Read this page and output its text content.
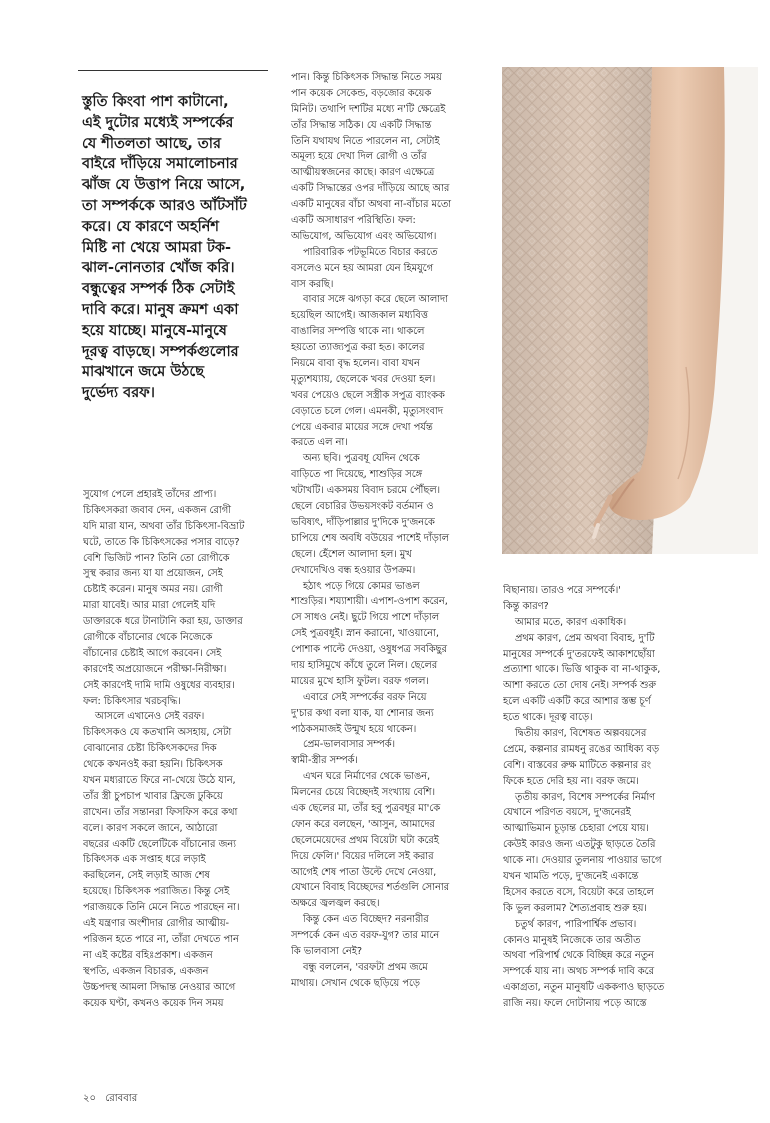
স্তুতি কিংবা পাশ কাটানো,
এই দুটোর মধ্যেই সম্পর্কের
যে শীতলতা আছে, তার
বাইরে দাঁড়িয়ে সমালোচনার
ঝাঁজ যে উত্তাপ নিয়ে আসে,
তা সম্পর্ককে আরও আঁটসাঁট
করে। যে কারণে অহর্নিশ
মিষ্টি না খেয়ে আমরা টক-
ঝাল-নোনতার খোঁজ করি।
বন্ধুত্বের সম্পর্ক ঠিক সেটাই
দাবি করে। মানুষ ক্রমশ একা
হয়ে যাচ্ছে। মানুষে-মানুষে
দূরত্ব বাড়ছে। সম্পর্কগুলোর
মাঝখানে জমে উঠছে
দুর্ভেদ্য বরফ।
সুযোগ পেলে প্রহারই তাঁদের প্রাপ্য।
চিকিৎসকরা জবাব দেন, একজন রোগী
যদি মারা যান, অথবা তাঁর চিকিৎসা-বিভ্রাট
ঘটে, তাতে কি চিকিৎসকের পসার বাড়ে?
বেশি ভিজিট পান? তিনি তো রোগীকে
সুস্থ করার জন্য যা যা প্রয়োজন, সেই
চেষ্টাই করেন। মানুষ অমর নয়। রোগী
মারা যাবেই। আর মারা গেলেই যদি
ডাক্তারকে ধরে টানাটানি করা হয়, ডাক্তার
রোগীকে বাঁচানোর থেকে নিজেকে
বাঁচানোর চেষ্টাই আগে করবেন। সেই
কারণেই অপ্রয়োজনে পরীক্ষা-নিরীক্ষা।
সেই কারণেই দামি দামি ওষুধের ব্যবহার।
ফল: চিকিৎসার খরচবৃদ্ধি।
আসলে এখানেও সেই বরফ।
চিকিৎসকও যে কতখানি অসহায়, সেটা
বোঝানোর চেষ্টা চিকিৎসকদের দিক
থেকে কখনওই করা হয়নি। চিকিৎসক
যখন মধ্যরাতে ফিরে না-খেয়ে উঠে যান,
তাঁর স্ত্রী চুপচাপ খাবার ফ্রিজে ঢুকিয়ে
রাখেন। তাঁর সন্তানরা ফিসফিস করে কথা
বলে। কারণ সকলে জানে, আঠারো
বছরের একটি ছেলেটিকে বাঁচানোর জন্য
চিকিৎসক এক সপ্তাহ ধরে লড়াই
করছিলেন, সেই লড়াই আজ শেষ
হয়েছে। চিকিৎসক পরাজিত। কিন্তু সেই
পরাজয়কে তিনি মেনে নিতে পারছেন না।
এই যন্ত্রণার অংশীদার রোগীর আত্মীয়-
পরিজন হতে পারে না, তাঁরা দেখতে পান
না এই কষ্টের বহিঃপ্রকাশ। একজন
স্থপতি, একজন বিচারক, একজন
উচ্চপদস্থ আমলা সিদ্ধান্ত নেওয়ার আগে
কয়েক ঘণ্টা, কখনও কয়েক দিন সময়
পান। কিন্তু চিকিৎসক সিদ্ধান্ত নিতে সময়
পান কয়েক সেকেন্ড, বড়জোর কয়েক
মিনিট। তথাপি দশটির মধ্যে ন'টি ক্ষেত্রেই
তাঁর সিদ্ধান্ত সঠিক। যে একটি সিদ্ধান্ত
তিনি যথাযথ নিতে পারলেন না, সেটাই
অমূল্য হয়ে দেখা দিল রোগী ও তাঁর
আত্মীয়স্বজনের কাছে। কারণ এক্ষেত্রে
একটি সিদ্ধান্তের ওপর দাঁড়িয়ে আছে আর
একটি মানুষের বাঁচা অথবা না-বাঁচার মতো
একটি অসাধারণ পরিস্থিতি। ফল:
অভিযোগ, অভিযোগ এবং অভিযোগ।
পারিবারিক পটভূমিতে বিচার করতে
বসলেও মনে হয় আমরা যেন হিমযুগে
বাস করছি।
বাবার সঙ্গে ঝগড়া করে ছেলে আলাদা
হয়েছিল আগেই। আজকাল মধ্যবিত্ত
বাঙালির সম্পত্তি থাকে না। থাকলে
হয়তো ত্যাজ্যপুত্র করা হত। কালের
নিয়মে বাবা বৃদ্ধ হলেন। বাবা যখন
মৃত্যুশয্যায়, ছেলেকে খবর দেওয়া হল।
খবর পেয়েও ছেলে সস্ত্রীক সপুত্র ব্যাংকক
বেড়াতে চলে গেল। এমনকী, মৃত্যুসংবাদ
পেয়ে একবার মায়ের সঙ্গে দেখা পর্যন্ত
করতে এল না।
অন্য ছবি। পুত্রবধূ যেদিন থেকে
বাড়িতে পা দিয়েছে, শাশুড়ির সঙ্গে
খটাখটি। একসময় বিবাদ চরমে পৌঁছল।
ছেলে বেচারির উভয়সংকট বর্তমান ও
ভবিষ্যৎ, দাঁড়িপাল্লার দু'দিকে দু'জনকে
চাপিয়ে শেষ অবধি বউয়ের পাশেই দাঁড়াল
ছেলে। হেঁশেল আলাদা হল। মুখ
দেখাদেখিও বন্ধ হওয়ার উপক্রম।
হঠাৎ পড়ে গিয়ে কোমর ভাঙল
শাশুড়ির। শয্যাশায়ী। এপাশ-ওপাশ করেন,
সে সাধও নেই। ছুটে গিয়ে পাশে দাঁড়াল
সেই পুত্রবধূই। স্নান করানো, খাওয়ানো,
পোশাক পাল্টে দেওয়া, ওষুধপত্র সবকিছুর
দায় হাসিমুখে কাঁধে তুলে নিল। ছেলের
মায়ের মুখে হাসি ফুটল। বরফ গলল।
এবারে সেই সম্পর্কের বরফ নিয়ে
দু'চার কথা বলা যাক, যা শোনার জন্য
পাঠকসমাজই উন্মুখ হয়ে থাকেন।
প্রেম-ভালবাসার সম্পর্ক।
স্বামী-স্ত্রীর সম্পর্ক।
এখন ঘরে নির্মাণের থেকে ভাঙন,
মিলনের চেয়ে বিচ্ছেদই সংখ্যায় বেশি।
এক ছেলের মা, তাঁর হবু পুত্রবধূর মা'কে
ফোন করে বলছেন, 'আসুন, আমাদের
ছেলেমেয়েদের প্রথম বিয়েটা ঘটা করেই
দিয়ে ফেলি।' বিয়ের দলিলে সই করার
আগেই শেষ পাতা উল্টে দেখে নেওয়া,
যেখানে বিবাহ বিচ্ছেদের শর্তগুলি সোনার
অক্ষরে জ্বলজ্বল করছে।
কিন্তু কেন এত বিচ্ছেদ? নরনারীর
সম্পর্কে কেন এত বরফ-যুগ? তার মানে
কি ভালবাসা নেই?
বন্ধু বললেন, 'বরফটা প্রথম জমে
মাথায়। সেখান থেকে ছড়িয়ে পড়ে
বিছানায়। তারও পরে সম্পর্কে।'
কিন্তু কারণ?
আমার মতে, কারণ একাধিক।
প্রথম কারণ, প্রেম অথবা বিবাহ, দু'টি
মানুষের সম্পর্কে দু'তরফেই আকাশছোঁয়া
প্রত্যাশা থাকে। ভিত্তি থাকুক বা না-থাকুক,
আশা করতে তো দোষ নেই। সম্পর্ক শুরু
হলে একটি একটি করে আশার স্তম্ভ চূর্ণ
হতে থাকে। দূরত্ব বাড়ে।
দ্বিতীয় কারণ, বিশেষত অল্পবয়সের
প্রেমে, কল্পনার রামধনু রঙের আধিক্য বড়
বেশি। বাস্তবের রুক্ষ মাটিতে কল্পনার রং
ফিকে হতে দেরি হয় না। বরফ জমে।
তৃতীয় কারণ, বিশেষ সম্পর্কের নির্মাণ
যেখানে পরিণত বয়সে, দু'জনেরই
আত্মাভিমান চূড়ান্ত চেহারা পেয়ে যায়।
কেউই কারও জন্য এতটুকু ছাড়তে তৈরি
থাকে না। দেওয়ার তুলনায় পাওয়ার ভাগে
যখন খামতি পড়ে, দু'জনেই একান্তে
হিসেব করতে বসে, বিয়েটা করে তাহলে
কি ভুল করলাম? শৈত্যপ্রবাহ শুরু হয়।
চতুর্থ কারণ, পারিপার্শ্বিক প্রভাব।
কোনও মানুষই নিজেকে তার অতীত
অথবা পরিপার্শ্ব থেকে বিচ্ছিন্ন করে নতুন
সম্পর্কে যায় না। অথচ সম্পর্ক দাবি করে
একাগ্রতা, নতুন মানুষটি এককণাও ছাড়তে
রাজি নয়। ফলে দোটানায় পড়ে আস্তে
২০ রোববার
